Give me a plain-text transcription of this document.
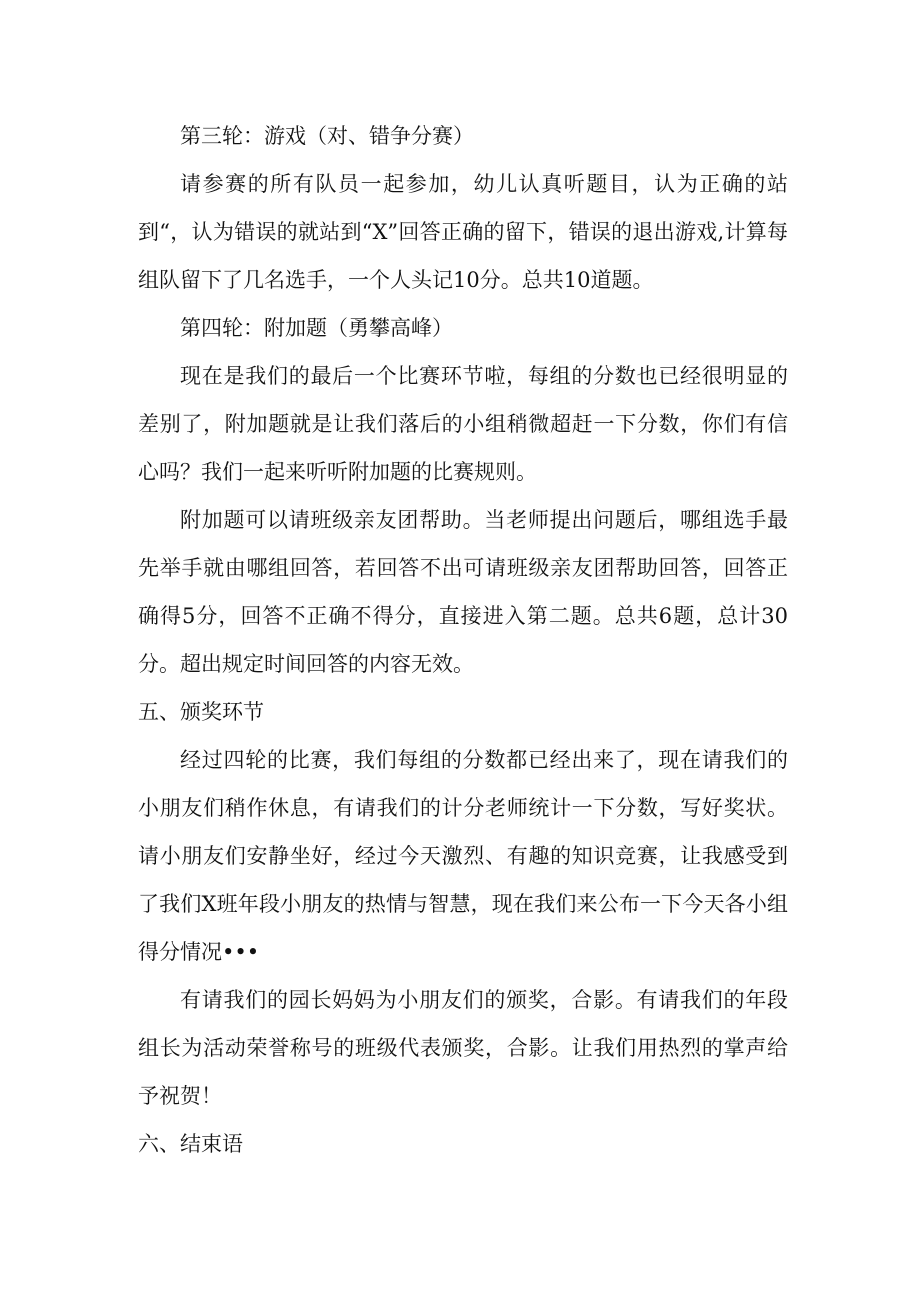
第三轮：游戏（对、错争分赛）

请参赛的所有队员一起参加，幼儿认真听题目，认为正确的站到“，认为错误的就站到“X”回答正确的留下，错误的退出游戏,计算每组队留下了几名选手，一个人头记10分。总共10道题。

第四轮：附加题（勇攀高峰）

现在是我们的最后一个比赛环节啦，每组的分数也已经很明显的差别了，附加题就是让我们落后的小组稍微超赶一下分数，你们有信心吗？我们一起来听听附加题的比赛规则。

附加题可以请班级亲友团帮助。当老师提出问题后，哪组选手最先举手就由哪组回答，若回答不出可请班级亲友团帮助回答，回答正确得5分，回答不正确不得分，直接进入第二题。总共6题，总计30分。超出规定时间回答的内容无效。

五、颁奖环节

经过四轮的比赛，我们每组的分数都已经出来了，现在请我们的小朋友们稍作休息，有请我们的计分老师统计一下分数，写好奖状。请小朋友们安静坐好，经过今天激烈、有趣的知识竞赛，让我感受到了我们X班年段小朋友的热情与智慧，现在我们来公布一下今天各小组得分情况•••

有请我们的园长妈妈为小朋友们的颁奖，合影。有请我们的年段组长为活动荣誉称号的班级代表颁奖，合影。让我们用热烈的掌声给予祝贺！

六、结束语
